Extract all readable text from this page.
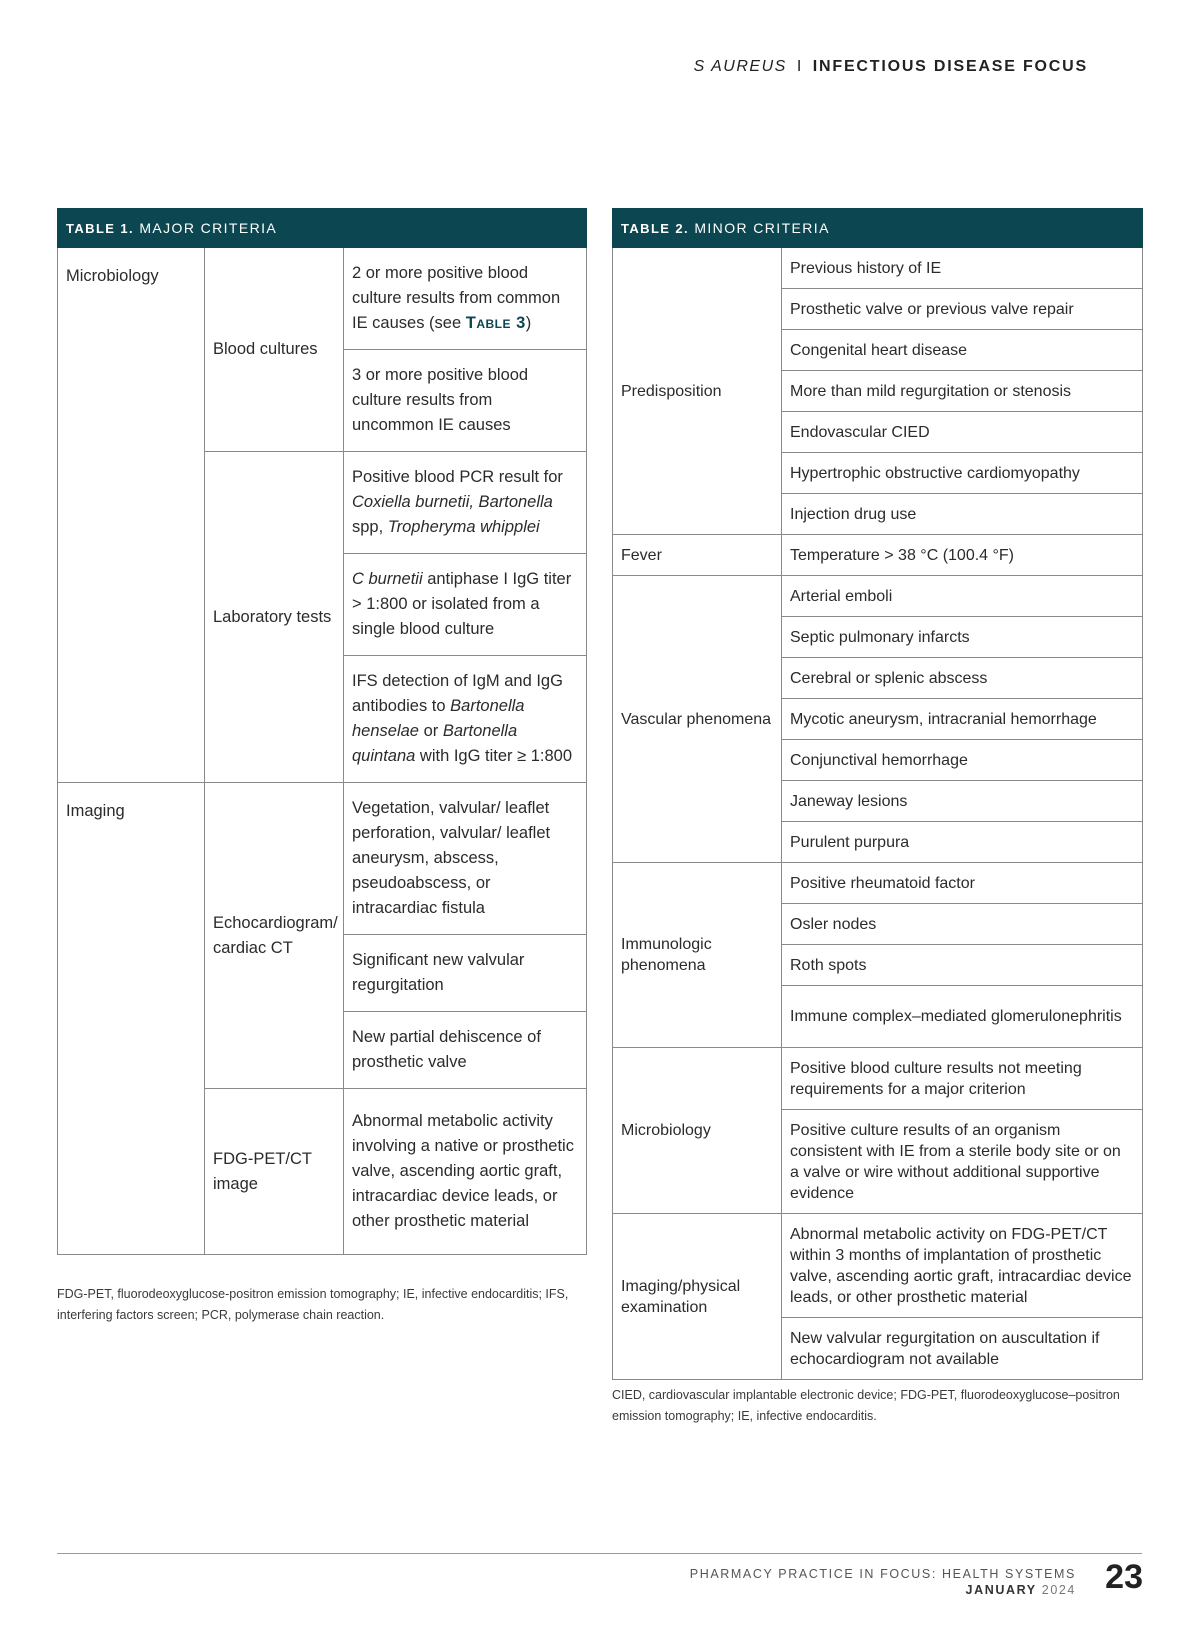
S AUREUS I INFECTIOUS DISEASE FOCUS
TABLE 1. MAJOR CRITERIA		
Microbiology	Blood cultures	2 or more positive blood culture results from common IE causes (see Table 3)
		3 or more positive blood culture results from uncommon IE causes
	Laboratory tests	Positive blood PCR result for Coxiella burnetii, Bartonella spp, Tropheryma whipplei
		C burnetii antiphase I IgG titer > 1:800 or isolated from a single blood culture
		IFS detection of IgM and IgG antibodies to Bartonella henselae or Bartonella quintana with IgG titer ≥ 1:800
Imaging	Echocardiogram/ cardiac CT	Vegetation, valvular/ leaflet perforation, valvular/ leaflet aneurysm, abscess, pseudoabscess, or intracardiac fistula
		Significant new valvular regurgitation
		New partial dehiscence of prosthetic valve
	FDG-PET/CT image	Abnormal metabolic activity involving a native or prosthetic valve, ascending aortic graft, intracardiac device leads, or other prosthetic material
FDG-PET, fluorodeoxyglucose-positron emission tomography; IE, infective endocarditis; IFS, interfering factors screen; PCR, polymerase chain reaction.
TABLE 2. MINOR CRITERIA	
Predisposition	Previous history of IE
	Prosthetic valve or previous valve repair
	Congenital heart disease
	More than mild regurgitation or stenosis
	Endovascular CIED
	Hypertrophic obstructive cardiomyopathy
	Injection drug use
Fever	Temperature > 38 °C (100.4 °F)
Vascular phenomena	Arterial emboli
	Septic pulmonary infarcts
	Cerebral or splenic abscess
	Mycotic aneurysm, intracranial hemorrhage
	Conjunctival hemorrhage
	Janeway lesions
	Purulent purpura
Immunologic phenomena	Positive rheumatoid factor
	Osler nodes
	Roth spots
	Immune complex–mediated glomerulonephritis
Microbiology	Positive blood culture results not meeting requirements for a major criterion
	Positive culture results of an organism consistent with IE from a sterile body site or on a valve or wire without additional supportive evidence
Imaging/physical examination	Abnormal metabolic activity on FDG-PET/CT within 3 months of implantation of prosthetic valve, ascending aortic graft, intracardiac device leads, or other prosthetic material
	New valvular regurgitation on auscultation if echocardiogram not available
CIED, cardiovascular implantable electronic device; FDG-PET, fluorodeoxyglucose–positron emission tomography; IE, infective endocarditis.
PHARMACY PRACTICE IN FOCUS: HEALTH SYSTEMS
JANUARY 2024 23
